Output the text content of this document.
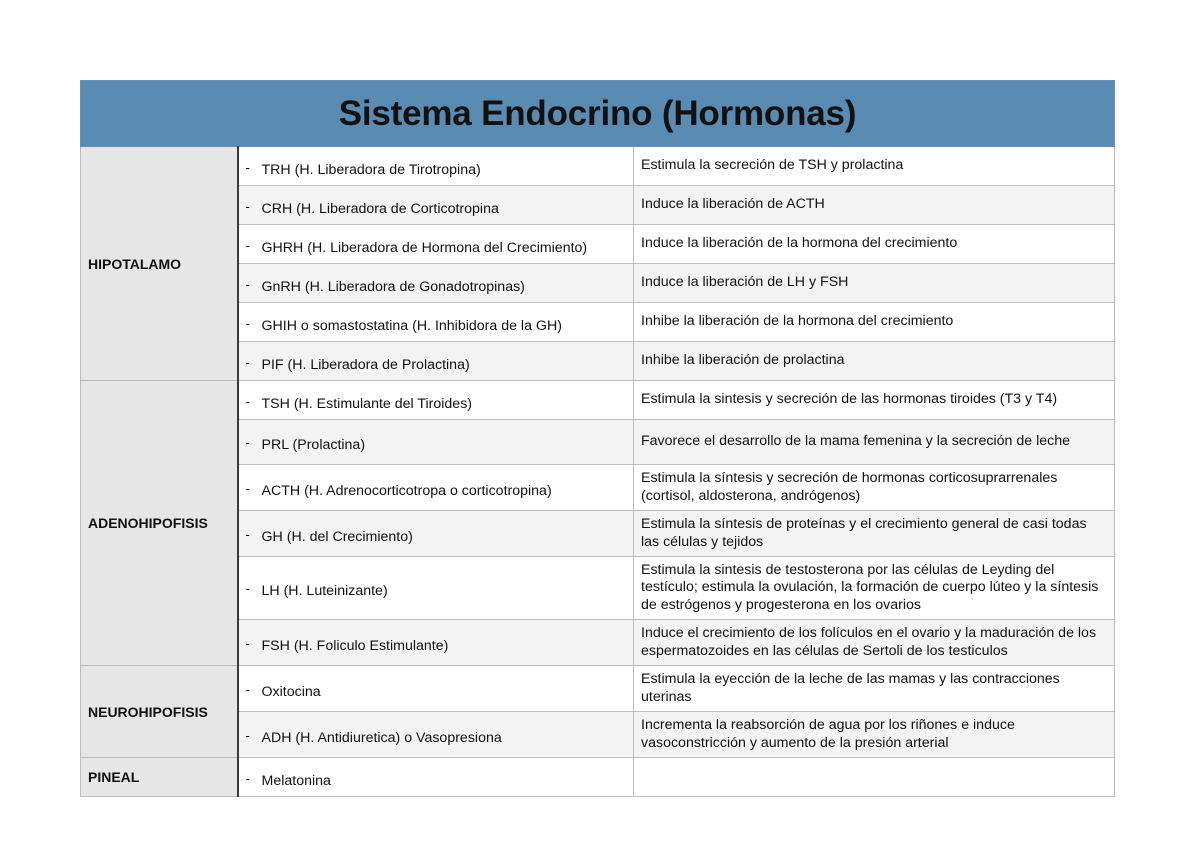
Sistema Endocrino (Hormonas)		
HIPOTALAMO	- TRH (H. Liberadora de Tirotropina)	Estimula la secreción de TSH y prolactina
	- CRH (H. Liberadora de Corticotropina	Induce la liberación de ACTH
	- GHRH (H. Liberadora de Hormona del Crecimiento)	Induce la liberación de la hormona del crecimiento
	- GnRH (H. Liberadora de Gonadotropinas)	Induce la liberación de LH y FSH
	- GHIH o somastostatina (H. Inhibidora de la GH)	Inhibe la liberación de la hormona del crecimiento
	- PIF (H. Liberadora de Prolactina)	Inhibe la liberación de prolactina
ADENOHIPOFISIS	- TSH (H. Estimulante del Tiroides)	Estimula la sintesis y secreción de las hormonas tiroides (T3 y T4)
	- PRL (Prolactina)	Favorece el desarrollo de la mama femenina y la secreción de leche
	- ACTH (H. Adrenocorticotropa o corticotropina)	Estimula la síntesis y secreción de hormonas corticosuprarrenales (cortisol, aldosterona, andrógenos)
	- GH (H. del Crecimiento)	Estimula la síntesis de proteínas y el crecimiento general de casi todas las células y tejidos
	- LH (H. Luteinizante)	Estimula la sintesis de testosterona por las células de Leyding del testículo; estimula la ovulación, la formación de cuerpo lúteo y la síntesis de estrógenos y progesterona en los ovarios
	- FSH (H. Foliculo Estimulante)	Induce el crecimiento de los folículos en el ovario y la maduración de los espermatozoides en las células de Sertoli de los testiculos
NEUROHIPOFISIS	- Oxitocina	Estimula la eyección de la leche de las mamas y las contracciones uterinas
	- ADH (H. Antidiuretica) o Vasopresiona	Incrementa la reabsorción de agua por los riñones e induce vasoconstricción y aumento de la presión arterial
PINEAL	- Melatonina	
